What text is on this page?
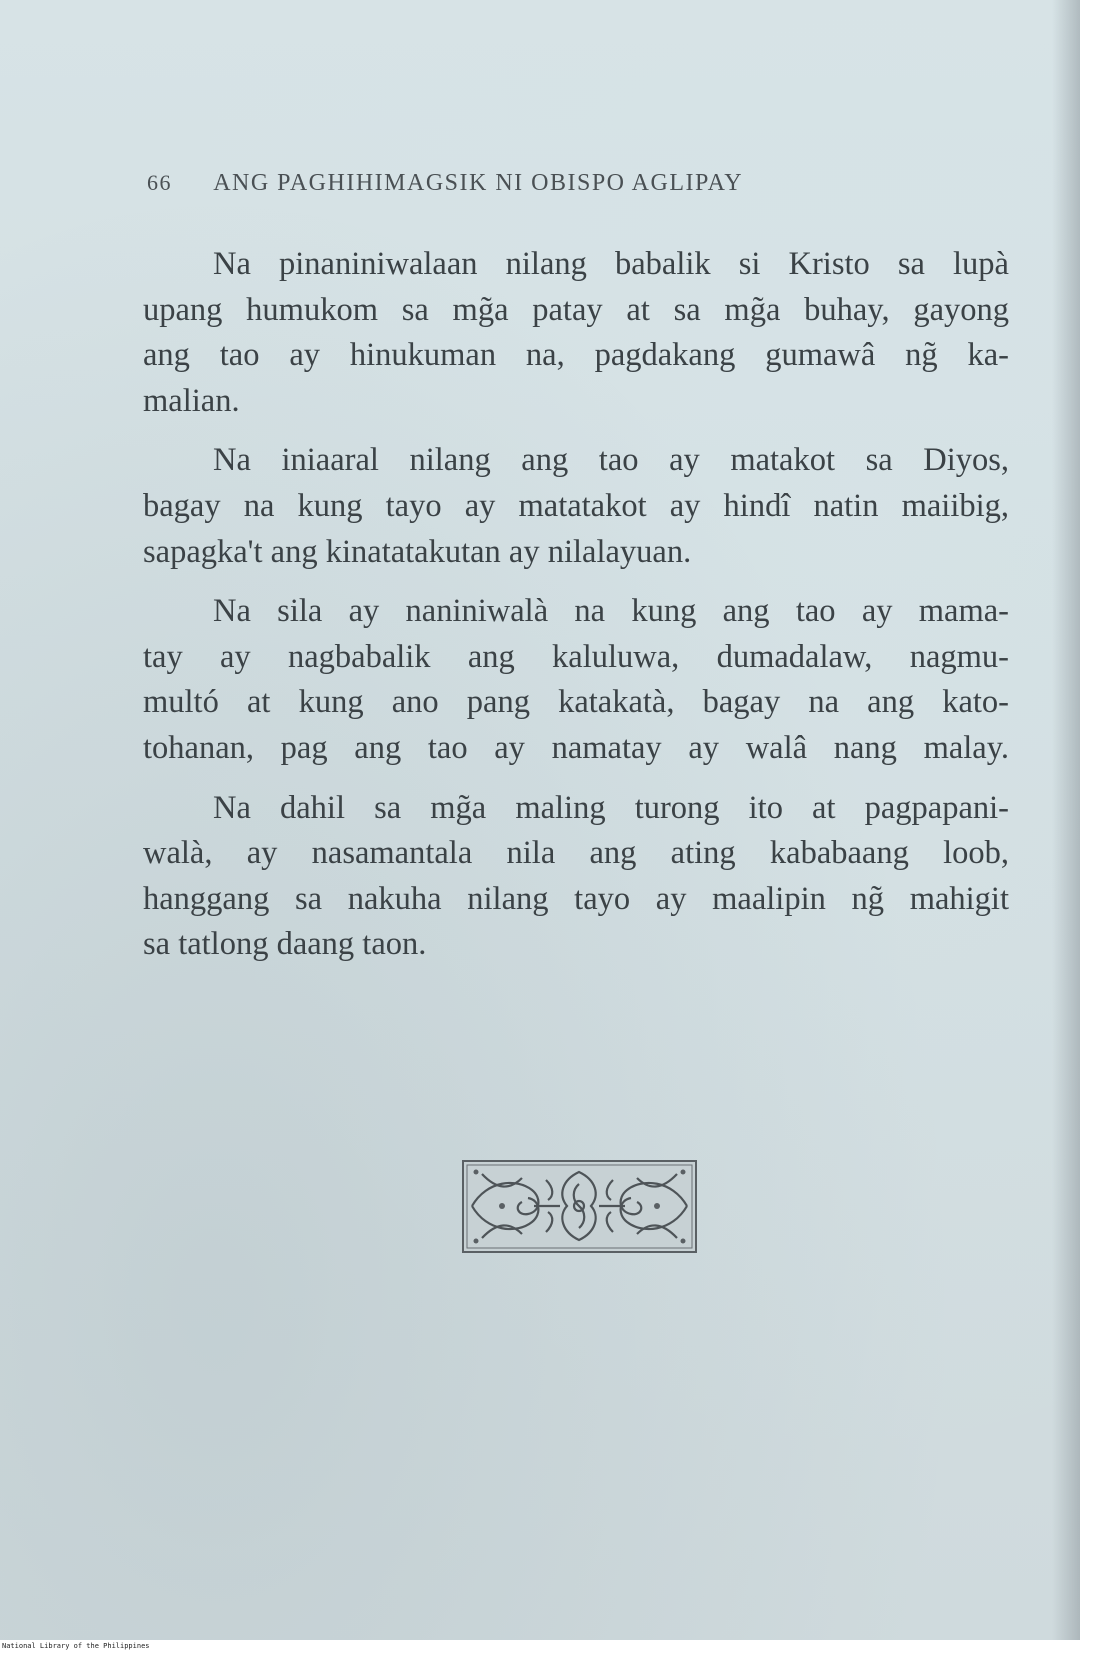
66 ANG PAGHIHIMAGSIK NI OBISPO AGLIPAY
Na pinaniniwalaan nilang babalik si Kristo sa lupà
upang humukom sa mg̃a patay at sa mg̃a buhay, gayong
ang tao ay hinukuman na, pagdakang gumawâ ng̃ ka-
malian.
Na iniaaral nilang ang tao ay matakot sa Diyos,
bagay na kung tayo ay matatakot ay hindî natin maiibig,
sapagka't ang kinatatakutan ay nilalayuan.
Na sila ay naniniwalà na kung ang tao ay mama-
tay ay nagbabalik ang kaluluwa, dumadalaw, nagmu-
multó at kung ano pang katakatà, bagay na ang kato-
tohanan, pag ang tao ay namatay ay walâ nang malay.
Na dahil sa mg̃a maling turong ito at pagpapani-
walà, ay nasamantala nila ang ating kababaang loob,
hanggang sa nakuha nilang tayo ay maalipin ng̃ mahigit
sa tatlong daang taon.
National Library of the Philippines
